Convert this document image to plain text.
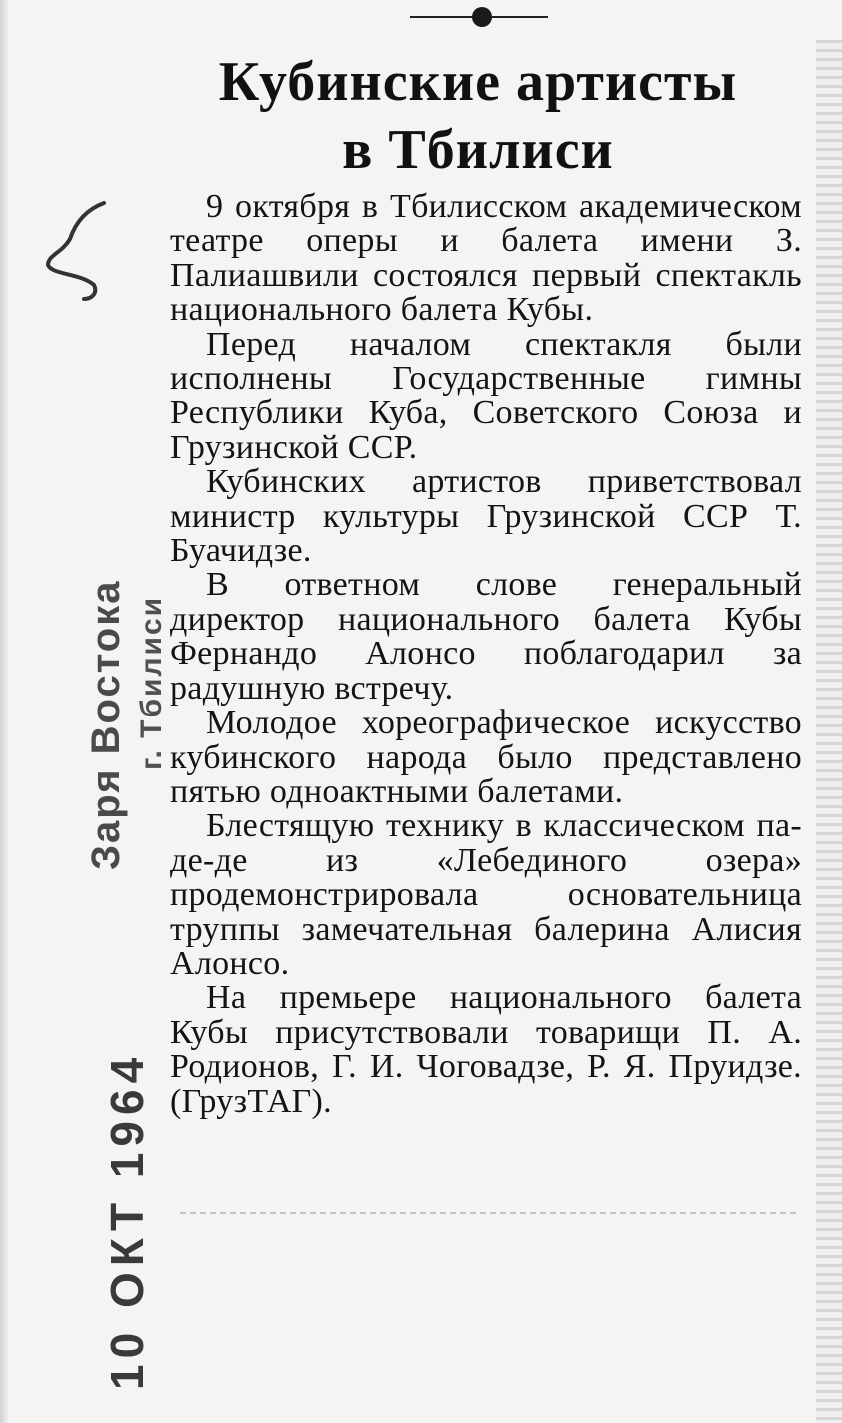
Кубинские артисты
в Тбилиси
Заря Востока г. Тбилиси
10 ОКТ 1964

9 октября в Тбилисском академическом театре оперы и балета имени З. Палиашвили состоялся первый спектакль национального балета Кубы.

Перед началом спектакля были исполнены Государственные гимны Республики Куба, Советского Союза и Грузинской ССР.

Кубинских артистов приветствовал министр культуры Грузинской ССР Т. Буачидзе.

В ответном слове генеральный директор национального балета Кубы Фернандо Алонсо поблагодарил за радушную встречу.

Молодое хореографическое искусство кубинского народа было представлено пятью одноактными балетами.

Блестящую технику в классическом па-де-де из «Лебединого озера» продемонстрировала основательница труппы замечательная балерина Алисия Алонсо.

На премьере национального балета Кубы присутствовали товарищи П. А. Родионов, Г. И. Чоговадзе, Р. Я. Пруидзе. (ГрузТАГ).
